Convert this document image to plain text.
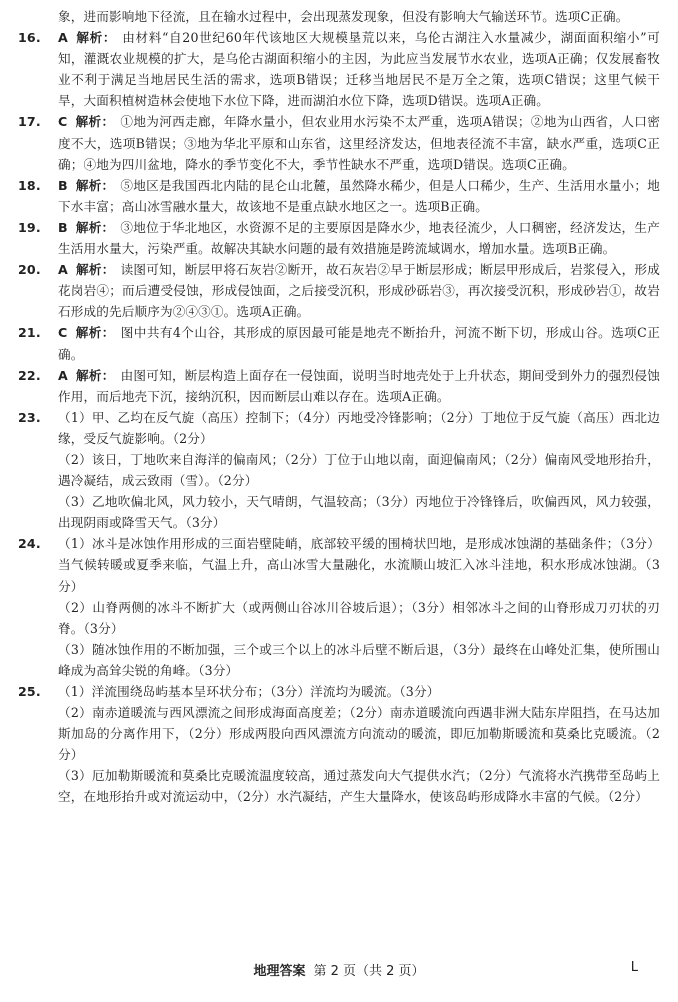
象，进而影响地下径流，且在输水过程中，会出现蒸发现象，但没有影响大气输送环节。选项C正确。
16.	A 解析： 由材料“自20世纪60年代该地区大规模垦荒以来，乌伦古湖注入水量减少，湖面面积缩小”可知，灌溉农业规模的扩大，是乌伦古湖面积缩小的主因，为此应当发展节水农业，选项A正确；仅发展畜牧业不利于满足当地居民生活的需求，选项B错误；迁移当地居民不是万全之策，选项C错误；这里气候干旱，大面积植树造林会使地下水位下降，进而湖泊水位下降，选项D错误。选项A正确。
17.	C 解析： ①地为河西走廊，年降水量小，但农业用水污染不太严重，选项A错误；②地为山西省，人口密度不大，选项B错误；③地为华北平原和山东省，这里经济发达，但地表径流不丰富，缺水严重，选项C正确；④地为四川盆地，降水的季节变化不大，季节性缺水不严重，选项D错误。选项C正确。
18.	B 解析： ⑤地区是我国西北内陆的昆仑山北麓，虽然降水稀少，但是人口稀少，生产、生活用水量小；地下水丰富；高山冰雪融水量大，故该地不是重点缺水地区之一。选项B正确。
19.	B 解析： ③地位于华北地区，水资源不足的主要原因是降水少，地表径流少，人口稠密，经济发达，生产生活用水量大，污染严重。故解决其缺水问题的最有效措施是跨流域调水，增加水量。选项B正确。
20.	A 解析： 读图可知，断层甲将石灰岩②断开，故石灰岩②早于断层形成；断层甲形成后，岩浆侵入，形成花岗岩④；而后遭受侵蚀，形成侵蚀面，之后接受沉积，形成砂砾岩③，再次接受沉积，形成砂岩①，故岩石形成的先后顺序为②④③①。选项A正确。
21.	C 解析： 图中共有4个山谷，其形成的原因最可能是地壳不断抬升，河流不断下切，形成山谷。选项C正确。
22.	A 解析： 由图可知，断层构造上面存在一侵蚀面，说明当时地壳处于上升状态，期间受到外力的强烈侵蚀作用，而后地壳下沉，接纳沉积，因而断层山难以存在。选项A正确。
23.	（1）甲、乙均在反气旋（高压）控制下；（4分）丙地受冷锋影响；（2分）丁地位于反气旋（高压）西北边缘，受反气旋影响。（2分）
（2）该日，丁地吹来自海洋的偏南风；（2分）丁位于山地以南，面迎偏南风；（2分）偏南风受地形抬升，遇冷凝结，成云致雨（雪）。（2分）
（3）乙地吹偏北风，风力较小，天气晴朗，气温较高；（3分）丙地位于冷锋锋后，吹偏西风，风力较强，出现阴雨或降雪天气。（3分）
24.	（1）冰斗是冰蚀作用形成的三面岩壁陡峭，底部较平缓的围椅状凹地，是形成冰蚀湖的基础条件；（3分）当气候转暖或夏季来临，气温上升，高山冰雪大量融化，水流顺山坡汇入冰斗洼地，积水形成冰蚀湖。（3分）
（2）山脊两侧的冰斗不断扩大（或两侧山谷冰川谷坡后退）；（3分）相邻冰斗之间的山脊形成刀刃状的刃脊。（3分）
（3）随冰蚀作用的不断加强，三个或三个以上的冰斗后壁不断后退，（3分）最终在山峰处汇集，使所围山峰成为高耸尖锐的角峰。（3分）
25.	（1）洋流围绕岛屿基本呈环状分布；（3分）洋流均为暖流。（3分）
（2）南赤道暖流与西风漂流之间形成海面高度差；（2分）南赤道暖流向西遇非洲大陆东岸阻挡，在马达加斯加岛的分离作用下，（2分）形成两股向西风漂流方向流动的暖流，即厄加勒斯暖流和莫桑比克暖流。（2分）
（3）厄加勒斯暖流和莫桑比克暖流温度较高，通过蒸发向大气提供水汽；（2分）气流将水汽携带至岛屿上空，在地形抬升或对流运动中，（2分）水汽凝结，产生大量降水，使该岛屿形成降水丰富的气候。（2分）
地理答案 第 2 页（共 2 页）	L
